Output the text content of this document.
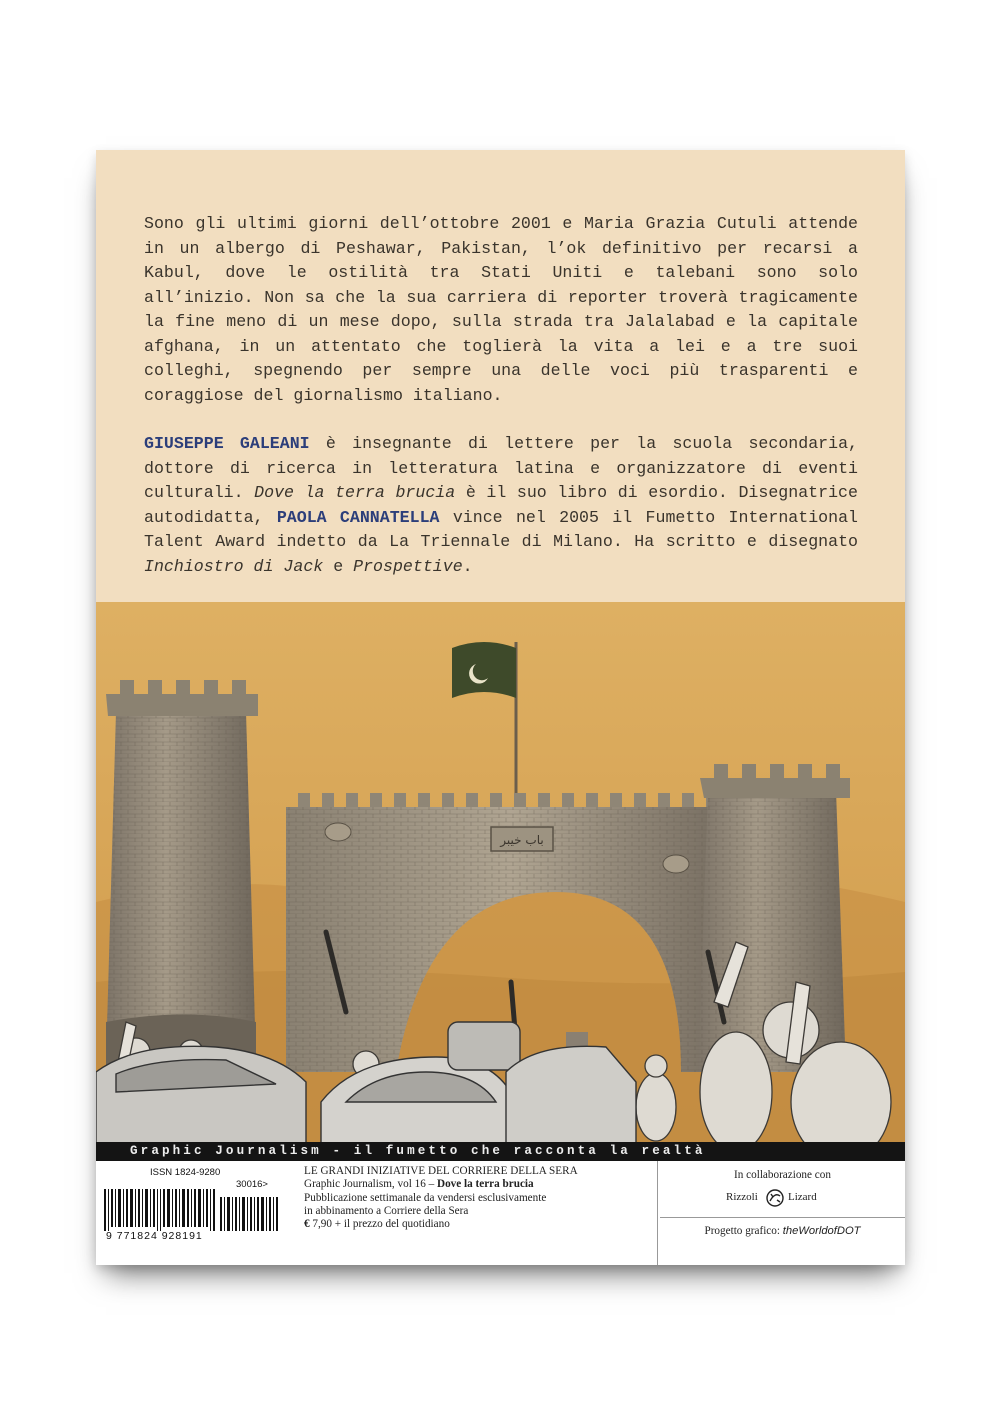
Sono gli ultimi giorni dell’ottobre 2001 e Maria Grazia Cutuli attende in un albergo di Peshawar, Pakistan, l’ok definitivo per recarsi a Kabul, dove le ostilità tra Stati Uniti e talebani sono solo all’inizio. Non sa che la sua carriera di reporter troverà tragicamente la fine meno di un mese dopo, sulla strada tra Jalalabad e la capitale afghana, in un attentato che toglierà la vita a lei e a tre suoi colleghi, spegnendo per sempre una delle voci più trasparenti e coraggiose del giornalismo italiano.

GIUSEPPE GALEANI è insegnante di lettere per la scuola secondaria, dottore di ricerca in letteratura latina e organizzatore di eventi culturali. Dove la terra brucia è il suo libro di esordio. Disegnatrice autodidatta, PAOLA CANNATELLA vince nel 2005 il Fumetto International Talent Award indetto da La Triennale di Milano. Ha scritto e disegnato Inchiostro di Jack e Prospettive.

باب خیبر
Graphic Journalism - il fumetto che racconta la realtà
ISSN 1824-9280
30016>
9 771824 928191
LE GRANDI INIZIATIVE DEL CORRIERE DELLA SERA
Graphic Journalism, vol 16 – Dove la terra brucia
Pubblicazione settimanale da vendersi esclusivamente
in abbinamento a Corriere della Sera
€ 7,90 + il prezzo del quotidiano
In collaborazione con
Rizzoli	Lizard
Progetto grafico: theWorldofDOT
